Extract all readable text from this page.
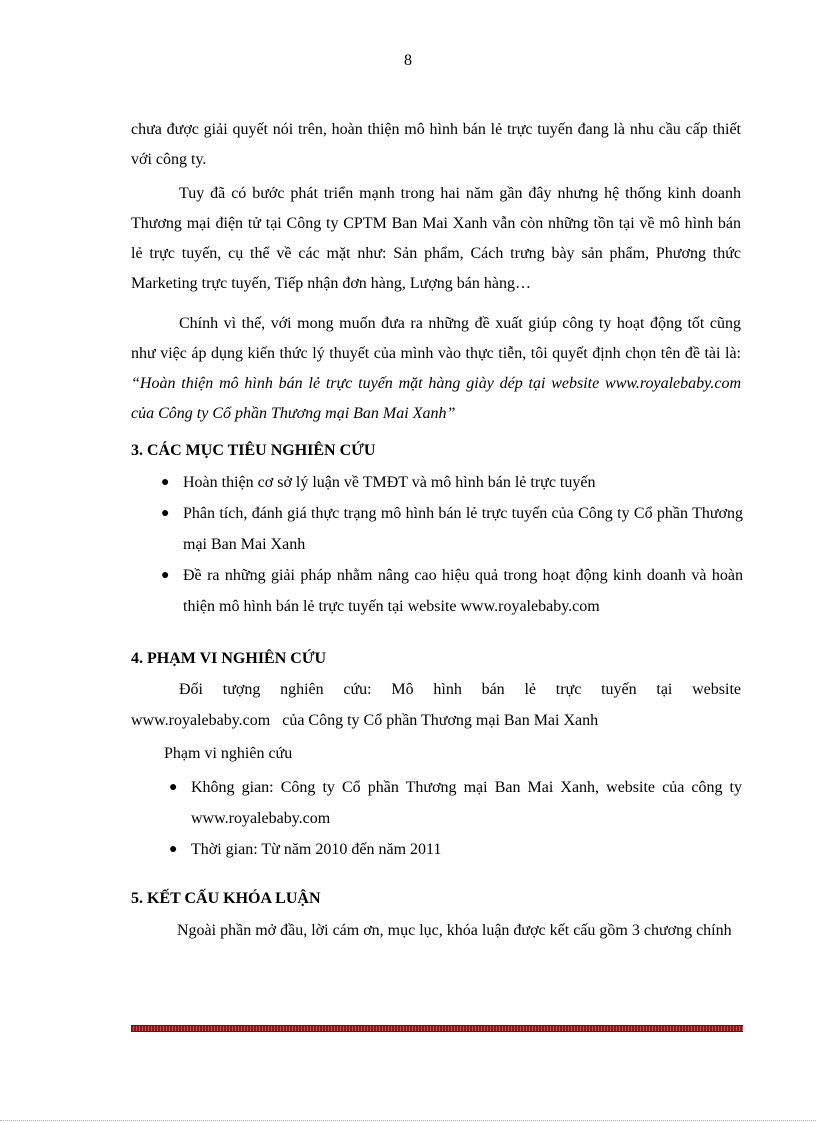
8
chưa được giải quyết nói trên, hoàn thiện mô hình bán lẻ trực tuyến đang là nhu cầu cấp thiết với công ty.
Tuy đã có bước phát triển mạnh trong hai năm gần đây nhưng hệ thống kinh doanh Thương mại điện tử tại Công ty CPTM Ban Mai Xanh vẫn còn những tồn tại về mô hình bán lẻ trực tuyến, cụ thể về các mặt như: Sản phẩm, Cách trưng bày sản phẩm, Phương thức Marketing trực tuyến, Tiếp nhận đơn hàng, Lượng bán hàng…
Chính vì thế, với mong muốn đưa ra những đề xuất giúp công ty hoạt động tốt cũng như việc áp dụng kiến thức lý thuyết của mình vào thực tiễn, tôi quyết định chọn tên đề tài là: “Hoàn thiện mô hình bán lẻ trực tuyến mặt hàng giày dép tại website www.royalebaby.com của Công ty Cổ phần Thương mại Ban Mai Xanh”
3. CÁC MỤC TIÊU NGHIÊN CỨU
● Hoàn thiện cơ sở lý luận về TMĐT và mô hình bán lẻ trực tuyến
● Phân tích, đánh giá thực trạng mô hình bán lẻ trực tuyến của Công ty Cổ phần Thương mại Ban Mai Xanh
● Đề ra những giải pháp nhằm nâng cao hiệu quả trong hoạt động kinh doanh và hoàn thiện mô hình bán lẻ trực tuyến tại website www.royalebaby.com
4. PHẠM VI NGHIÊN CỨU
Đối tượng nghiên cứu: Mô hình bán lẻ trực tuyến tại website
www.royalebaby.com   của Công ty Cổ phần Thương mại Ban Mai Xanh
Phạm vi nghiên cứu
● Không gian: Công ty Cổ phần Thương mại Ban Mai Xanh, website của công ty www.royalebaby.com
● Thời gian: Từ năm 2010 đến năm 2011
5. KẾT CẤU KHÓA LUẬN
Ngoài phần mở đầu, lời cám ơn, mục lục, khóa luận được kết cấu gồm 3 chương chính
